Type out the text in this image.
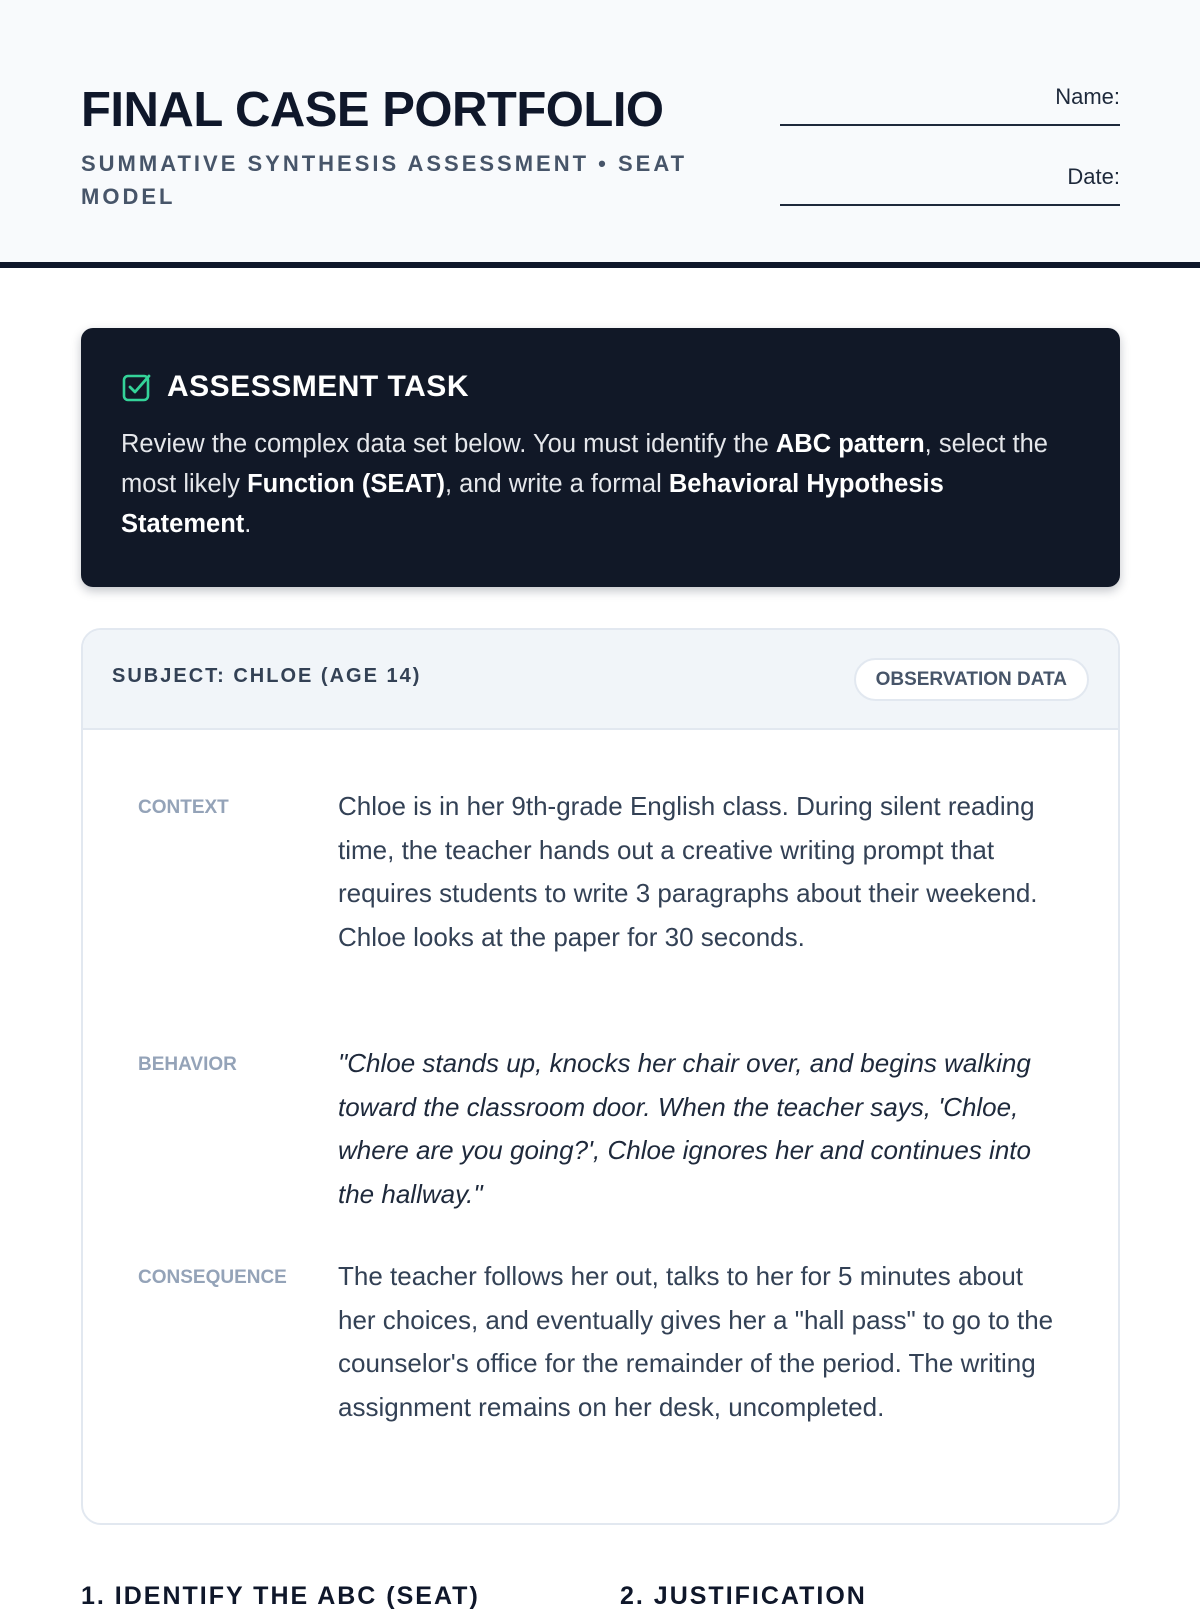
FINAL CASE PORTFOLIO
SUMMATIVE SYNTHESIS ASSESSMENT • SEAT MODEL
Name:
Date:
ASSESSMENT TASK
Review the complex data set below. You must identify the ABC pattern, select the most likely Function (SEAT), and write a formal Behavioral Hypothesis Statement.
SUBJECT: CHLOE (AGE 14)	OBSERVATION DATA
CONTEXT	Chloe is in her 9th-grade English class. During silent reading time, the teacher hands out a creative writing prompt that requires students to write 3 paragraphs about their weekend. Chloe looks at the paper for 30 seconds.
BEHAVIOR	"Chloe stands up, knocks her chair over, and begins walking toward the classroom door. When the teacher says, 'Chloe, where are you going?', Chloe ignores her and continues into the hallway."
CONSEQUENCE	The teacher follows her out, talks to her for 5 minutes about her choices, and eventually gives her a "hall pass" to go to the counselor's office for the remainder of the period. The writing assignment remains on her desk, uncompleted.
1. IDENTIFY THE ABC (SEAT)	2. JUSTIFICATION
